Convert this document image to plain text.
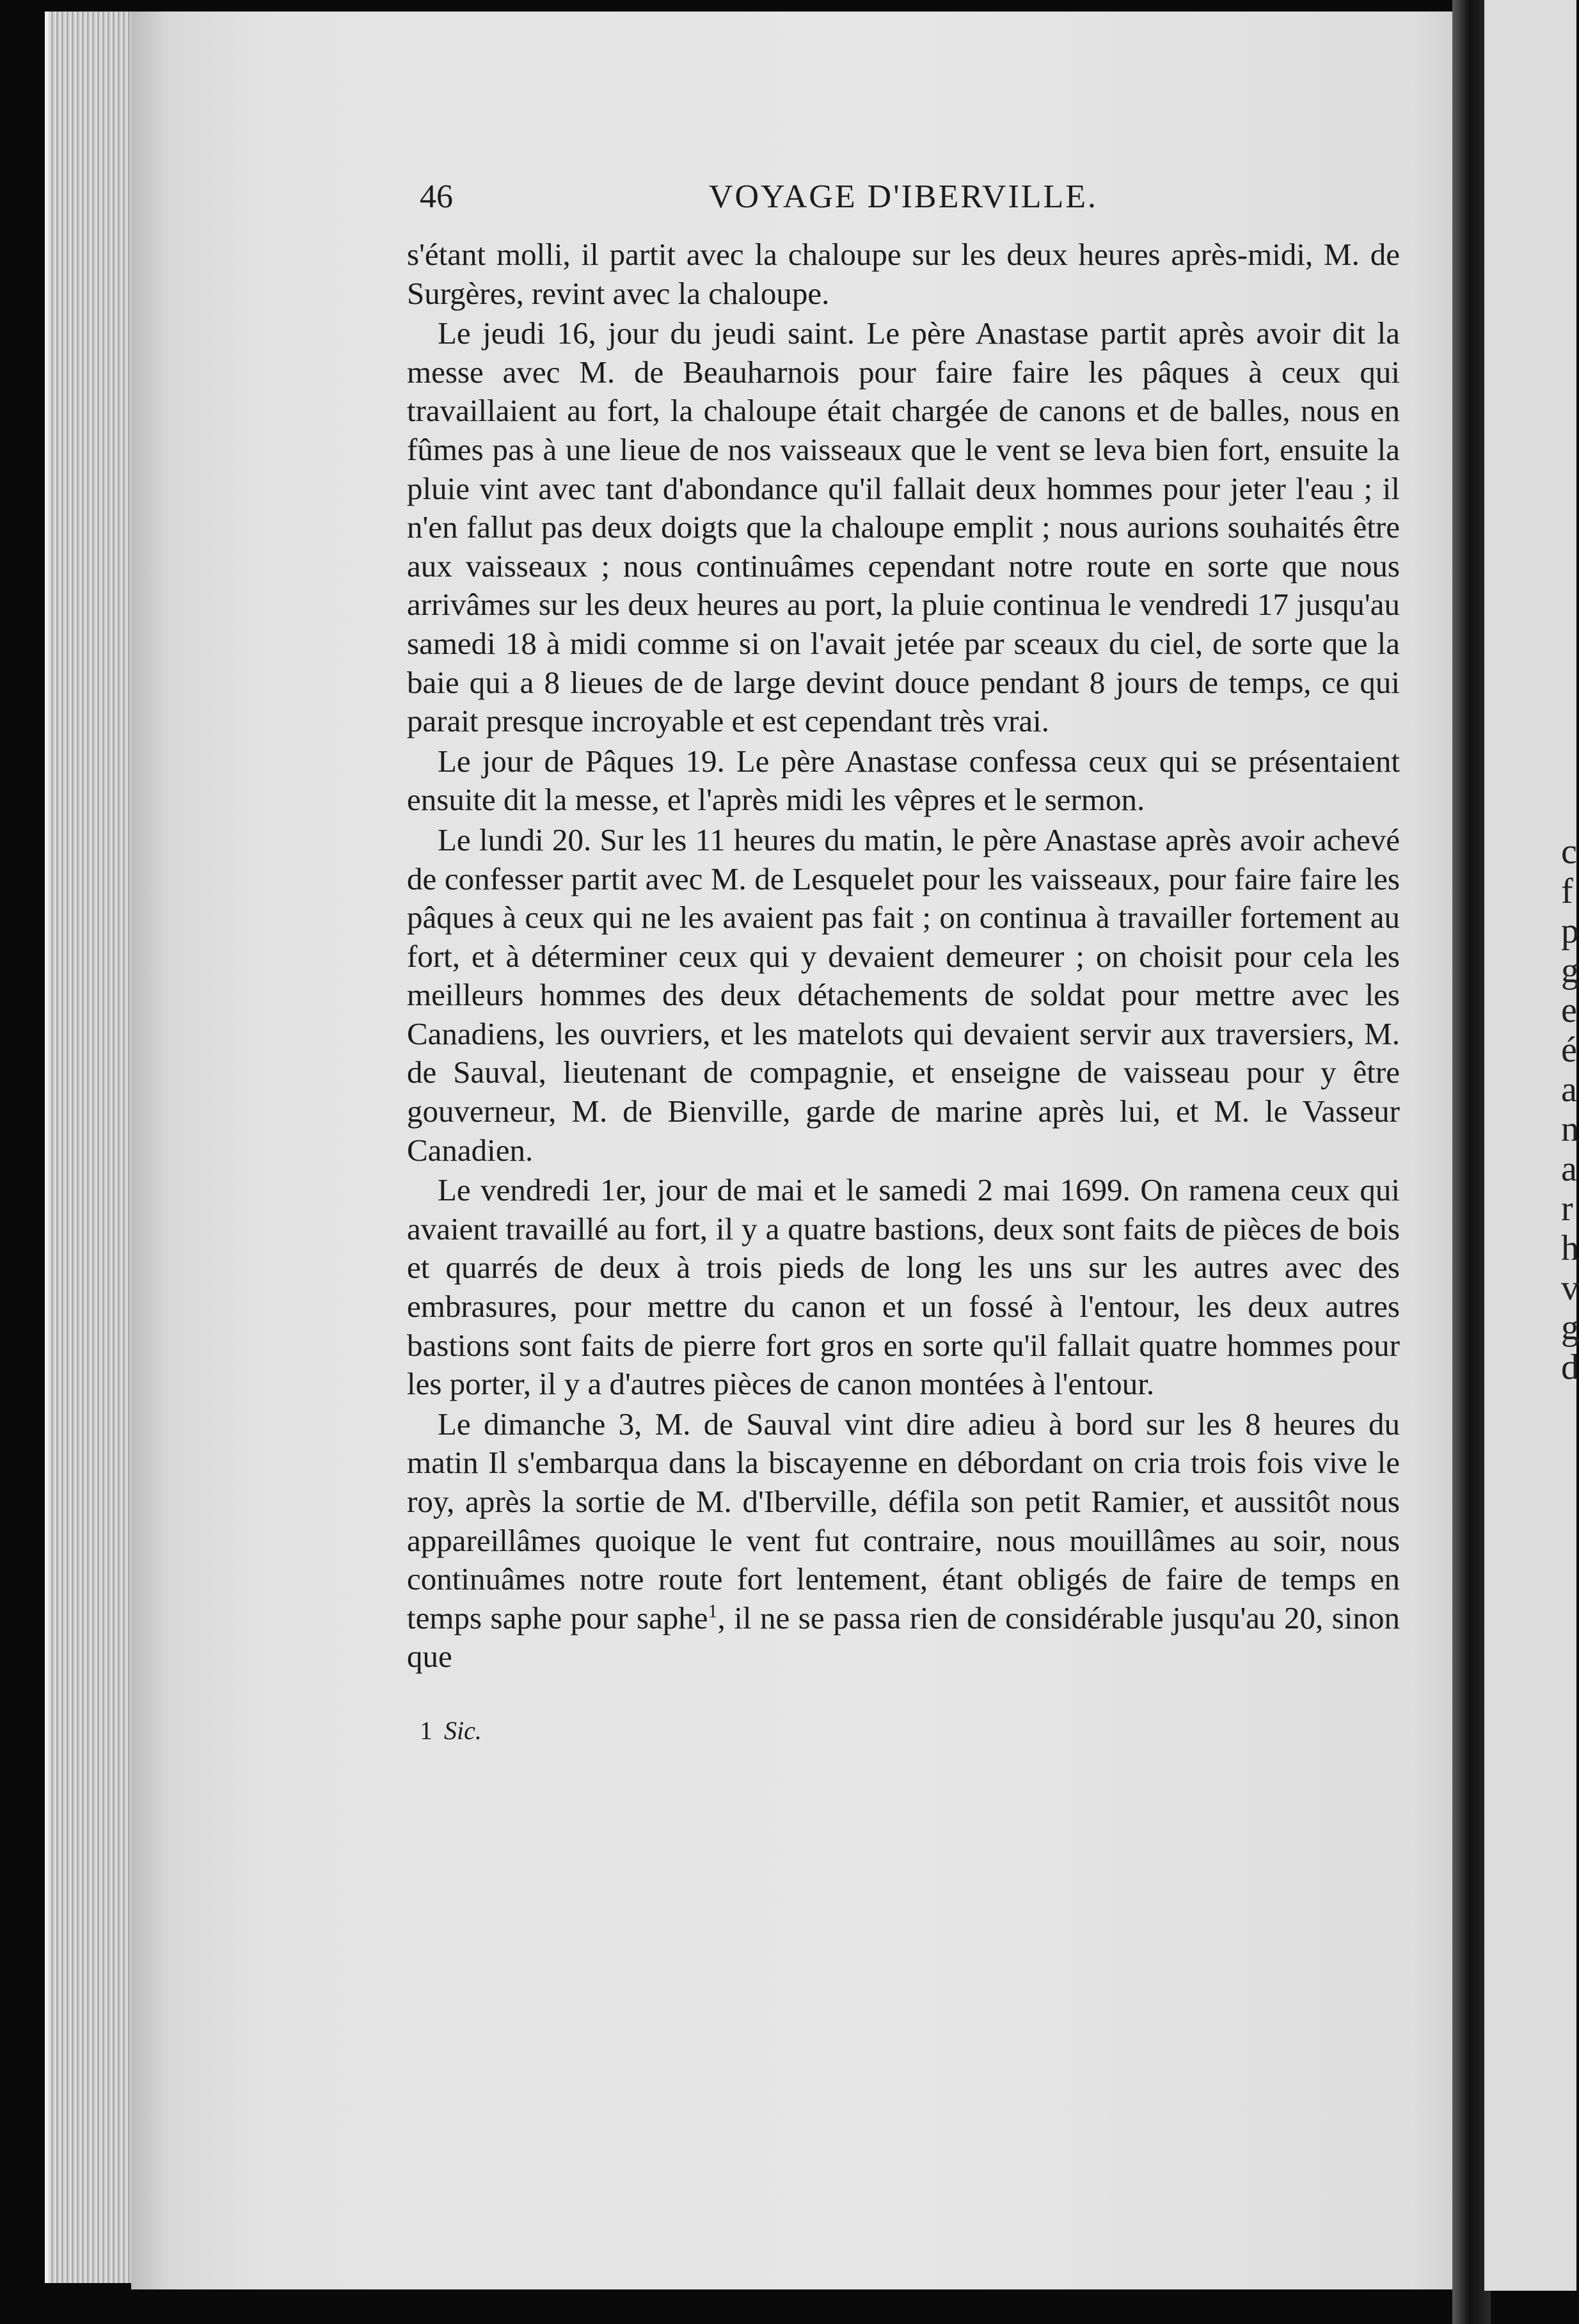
c
f
p
g
e
é
a
n
a
r
h
v
g
d
46	VOYAGE D'IBERVILLE.

s'étant molli, il partit avec la chaloupe sur les deux heures après-midi, M. de Surgères, revint avec la chaloupe.

Le jeudi 16, jour du jeudi saint. Le père Anastase partit après avoir dit la messe avec M. de Beauharnois pour faire faire les pâques à ceux qui travaillaient au fort, la chaloupe était chargée de canons et de balles, nous en fûmes pas à une lieue de nos vaisseaux que le vent se leva bien fort, ensuite la pluie vint avec tant d'abondance qu'il fallait deux hommes pour jeter l'eau ; il n'en fallut pas deux doigts que la chaloupe emplit ; nous aurions souhaités être aux vaisseaux ; nous continuâmes cependant notre route en sorte que nous arrivâmes sur les deux heures au port, la pluie continua le vendredi 17 jusqu'au samedi 18 à midi comme si on l'avait jetée par sceaux du ciel, de sorte que la baie qui a 8 lieues de de large devint douce pendant 8 jours de temps, ce qui parait presque incroyable et est cependant très vrai.

Le jour de Pâques 19. Le père Anastase confessa ceux qui se présentaient ensuite dit la messe, et l'après midi les vêpres et le sermon.

Le lundi 20. Sur les 11 heures du matin, le père Anastase après avoir achevé de confesser partit avec M. de Lesquelet pour les vaisseaux, pour faire faire les pâques à ceux qui ne les avaient pas fait ; on continua à travailler fortement au fort, et à déterminer ceux qui y devaient demeurer ; on choisit pour cela les meilleurs hommes des deux détachements de soldat pour mettre avec les Canadiens, les ouvriers, et les matelots qui devaient servir aux traversiers, M. de Sauval, lieutenant de compagnie, et enseigne de vaisseau pour y être gouverneur, M. de Bienville, garde de marine après lui, et M. le Vasseur Canadien.

Le vendredi 1er, jour de mai et le samedi 2 mai 1699. On ramena ceux qui avaient travaillé au fort, il y a quatre bastions, deux sont faits de pièces de bois et quarrés de deux à trois pieds de long les uns sur les autres avec des embrasures, pour mettre du canon et un fossé à l'entour, les deux autres bastions sont faits de pierre fort gros en sorte qu'il fallait quatre hommes pour les porter, il y a d'autres pièces de canon montées à l'entour.

Le dimanche 3, M. de Sauval vint dire adieu à bord sur les 8 heures du matin Il s'embarqua dans la biscayenne en débordant on cria trois fois vive le roy, après la sortie de M. d'Iberville, défila son petit Ramier, et aussitôt nous appareillâmes quoique le vent fut contraire, nous mouillâmes au soir, nous continuâmes notre route fort lentement, étant obligés de faire de temps en temps saphe pour saphe$^1$, il ne se passa rien de considérable jusqu'au 20, sinon que

1 Sic.
